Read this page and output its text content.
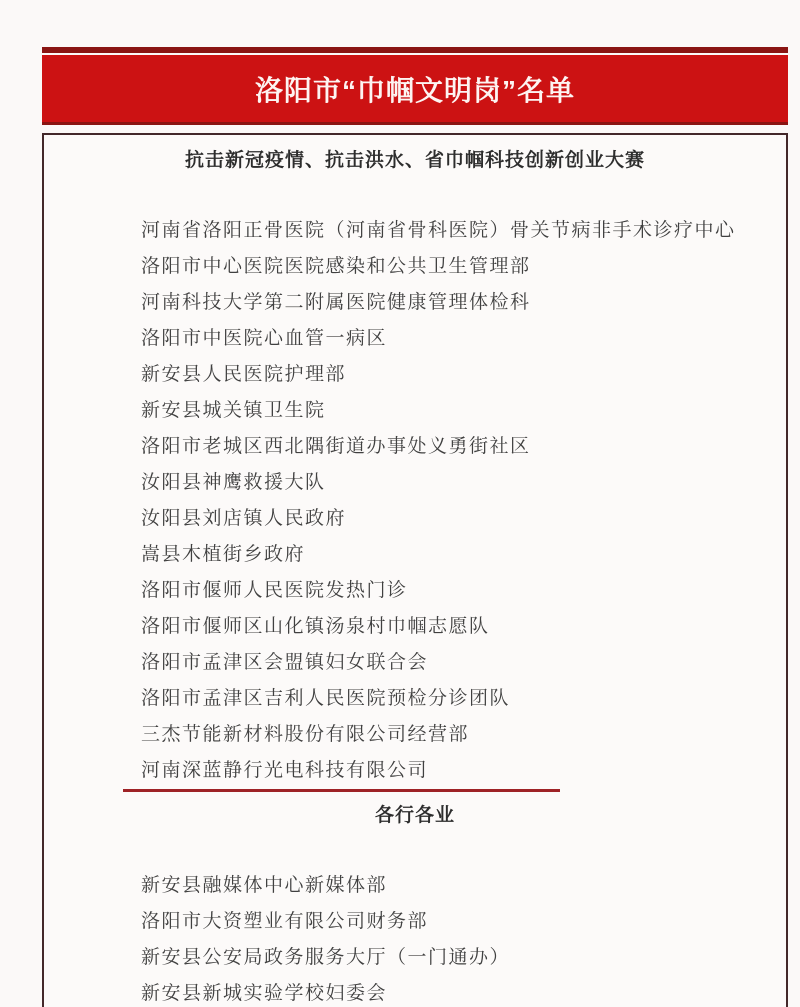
洛阳市“巾帼文明岗”名单
抗击新冠疫情、抗击洪水、省巾帼科技创新创业大赛
河南省洛阳正骨医院（河南省骨科医院）骨关节病非手术诊疗中心
洛阳市中心医院医院感染和公共卫生管理部
河南科技大学第二附属医院健康管理体检科
洛阳市中医院心血管一病区
新安县人民医院护理部
新安县城关镇卫生院
洛阳市老城区西北隅街道办事处义勇街社区
汝阳县神鹰救援大队
汝阳县刘店镇人民政府
嵩县木植街乡政府
洛阳市偃师人民医院发热门诊
洛阳市偃师区山化镇汤泉村巾帼志愿队
洛阳市孟津区会盟镇妇女联合会
洛阳市孟津区吉利人民医院预检分诊团队
三杰节能新材料股份有限公司经营部
河南深蓝静行光电科技有限公司
各行各业
新安县融媒体中心新媒体部
洛阳市大资塑业有限公司财务部
新安县公安局政务服务大厅（一门通办）
新安县新城实验学校妇委会
